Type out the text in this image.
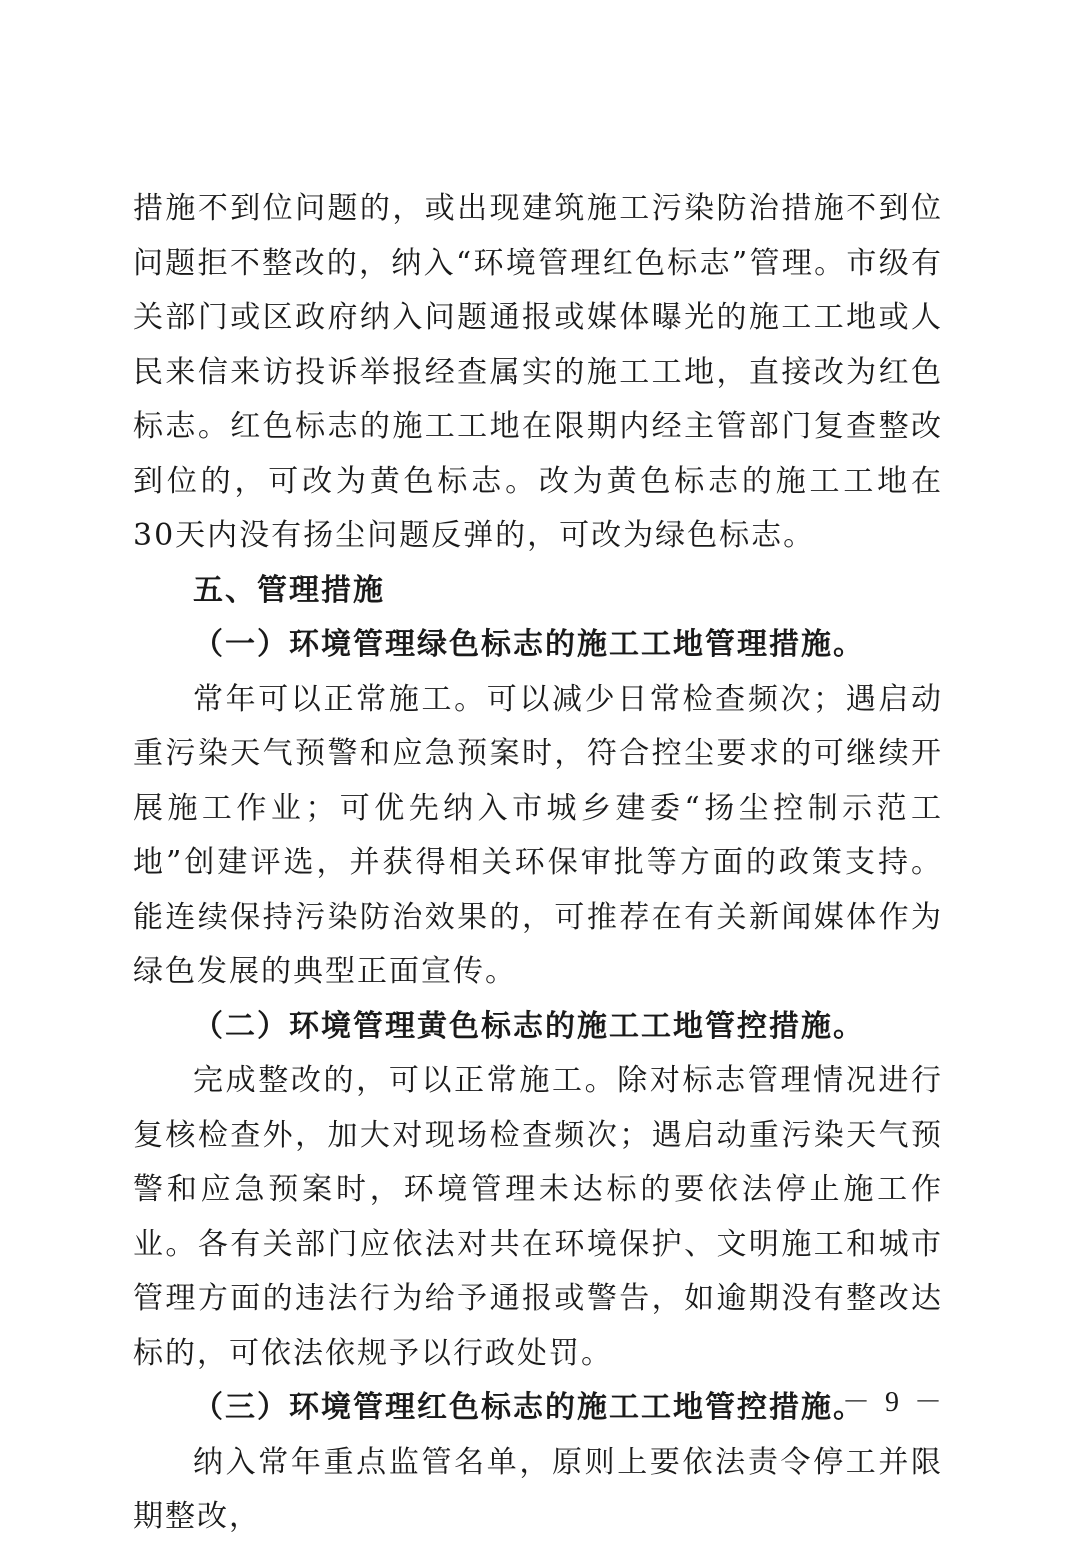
措施不到位问题的，或出现建筑施工污染防治措施不到位问题拒不整改的，纳入“环境管理红色标志”管理。市级有关部门或区政府纳入问题通报或媒体曝光的施工工地或人民来信来访投诉举报经查属实的施工工地，直接改为红色标志。红色标志的施工工地在限期内经主管部门复查整改到位的，可改为黄色标志。改为黄色标志的施工工地在30天内没有扬尘问题反弹的，可改为绿色标志。

五、管理措施

（一）环境管理绿色标志的施工工地管理措施。

常年可以正常施工。可以减少日常检查频次；遇启动重污染天气预警和应急预案时，符合控尘要求的可继续开展施工作业；可优先纳入市城乡建委“扬尘控制示范工地”创建评选，并获得相关环保审批等方面的政策支持。能连续保持污染防治效果的，可推荐在有关新闻媒体作为绿色发展的典型正面宣传。

（二）环境管理黄色标志的施工工地管控措施。

完成整改的，可以正常施工。除对标志管理情况进行复核检查外，加大对现场检查频次；遇启动重污染天气预警和应急预案时，环境管理未达标的要依法停止施工作业。各有关部门应依法对共在环境保护、文明施工和城市管理方面的违法行为给予通报或警告，如逾期没有整改达标的，可依法依规予以行政处罚。

（三）环境管理红色标志的施工工地管控措施。

纳入常年重点监管名单，原则上要依法责令停工并限期整改，

－ 9 －
